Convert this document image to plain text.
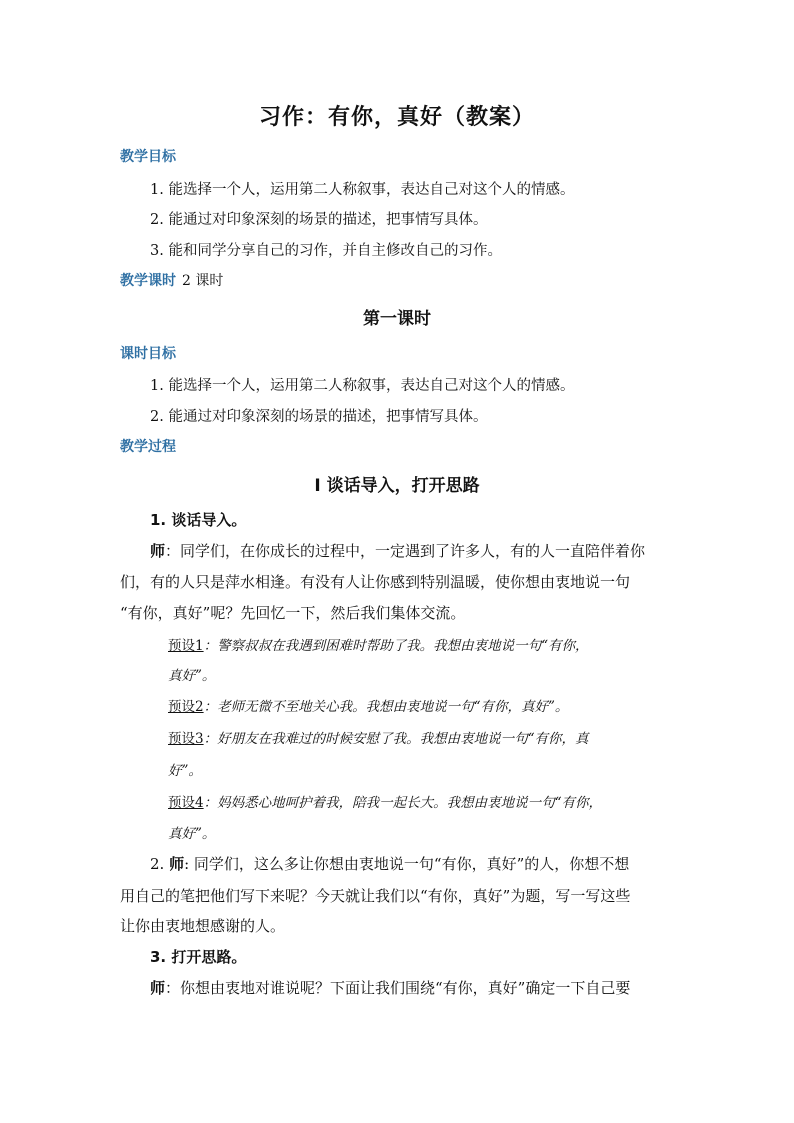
习作：有你，真好（教案）
教学目标
1. 能选择一个人，运用第二人称叙事，表达自己对这个人的情感。
2. 能通过对印象深刻的场景的描述，把事情写具体。
3. 能和同学分享自己的习作，并自主修改自己的习作。
教学课时 2 课时
第一课时
课时目标
1. 能选择一个人，运用第二人称叙事，表达自己对这个人的情感。
2. 能通过对印象深刻的场景的描述，把事情写具体。
教学过程
Ⅰ 谈话导入，打开思路
1. 谈话导入。
师：同学们，在你成长的过程中，一定遇到了许多人，有的人一直陪伴着你
们，有的人只是萍水相逢。有没有人让你感到特别温暖，使你想由衷地说一句
“有你，真好”呢？先回忆一下，然后我们集体交流。
预设1：警察叔叔在我遇到困难时帮助了我。我想由衷地说一句“有你，
真好”。
预设2：老师无微不至地关心我。我想由衷地说一句“有你，真好”。
预设3：好朋友在我难过的时候安慰了我。我想由衷地说一句“有你，真
好”。
预设4：妈妈悉心地呵护着我，陪我一起长大。我想由衷地说一句“有你，
真好”。
2. 师: 同学们，这么多让你想由衷地说一句“有你，真好”的人，你想不想
用自己的笔把他们写下来呢？今天就让我们以“有你，真好”为题，写一写这些
让你由衷地想感谢的人。
3. 打开思路。
师：你想由衷地对谁说呢？下面让我们围绕“有你，真好”确定一下自己要
